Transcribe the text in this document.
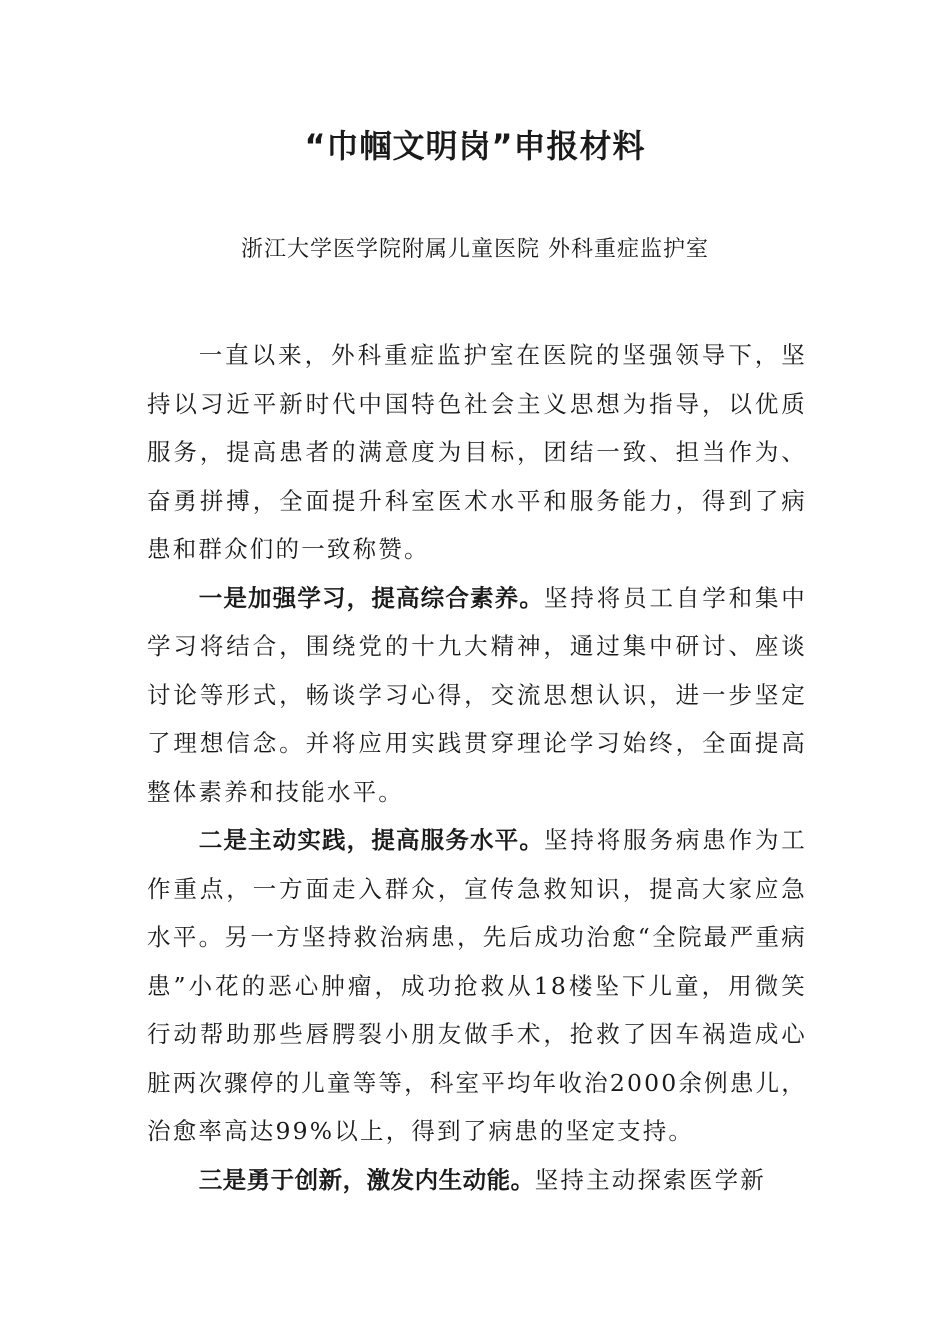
“巾帼文明岗”申报材料

浙江大学医学院附属儿童医院 外科重症监护室

一直以来，外科重症监护室在医院的坚强领导下，坚持以习近平新时代中国特色社会主义思想为指导，以优质服务，提高患者的满意度为目标，团结一致、担当作为、奋勇拼搏，全面提升科室医术水平和服务能力，得到了病患和群众们的一致称赞。

一是加强学习，提高综合素养。坚持将员工自学和集中学习将结合，围绕党的十九大精神，通过集中研讨、座谈讨论等形式，畅谈学习心得，交流思想认识，进一步坚定了理想信念。并将应用实践贯穿理论学习始终，全面提高整体素养和技能水平。

二是主动实践，提高服务水平。坚持将服务病患作为工作重点，一方面走入群众，宣传急救知识，提高大家应急水平。另一方坚持救治病患，先后成功治愈“全院最严重病患”小花的恶心肿瘤，成功抢救从18楼坠下儿童，用微笑行动帮助那些唇腭裂小朋友做手术，抢救了因车祸造成心脏两次骤停的儿童等等，科室平均年收治2000余例患儿，治愈率高达99%以上，得到了病患的坚定支持。

三是勇于创新，激发内生动能。坚持主动探索医学新
